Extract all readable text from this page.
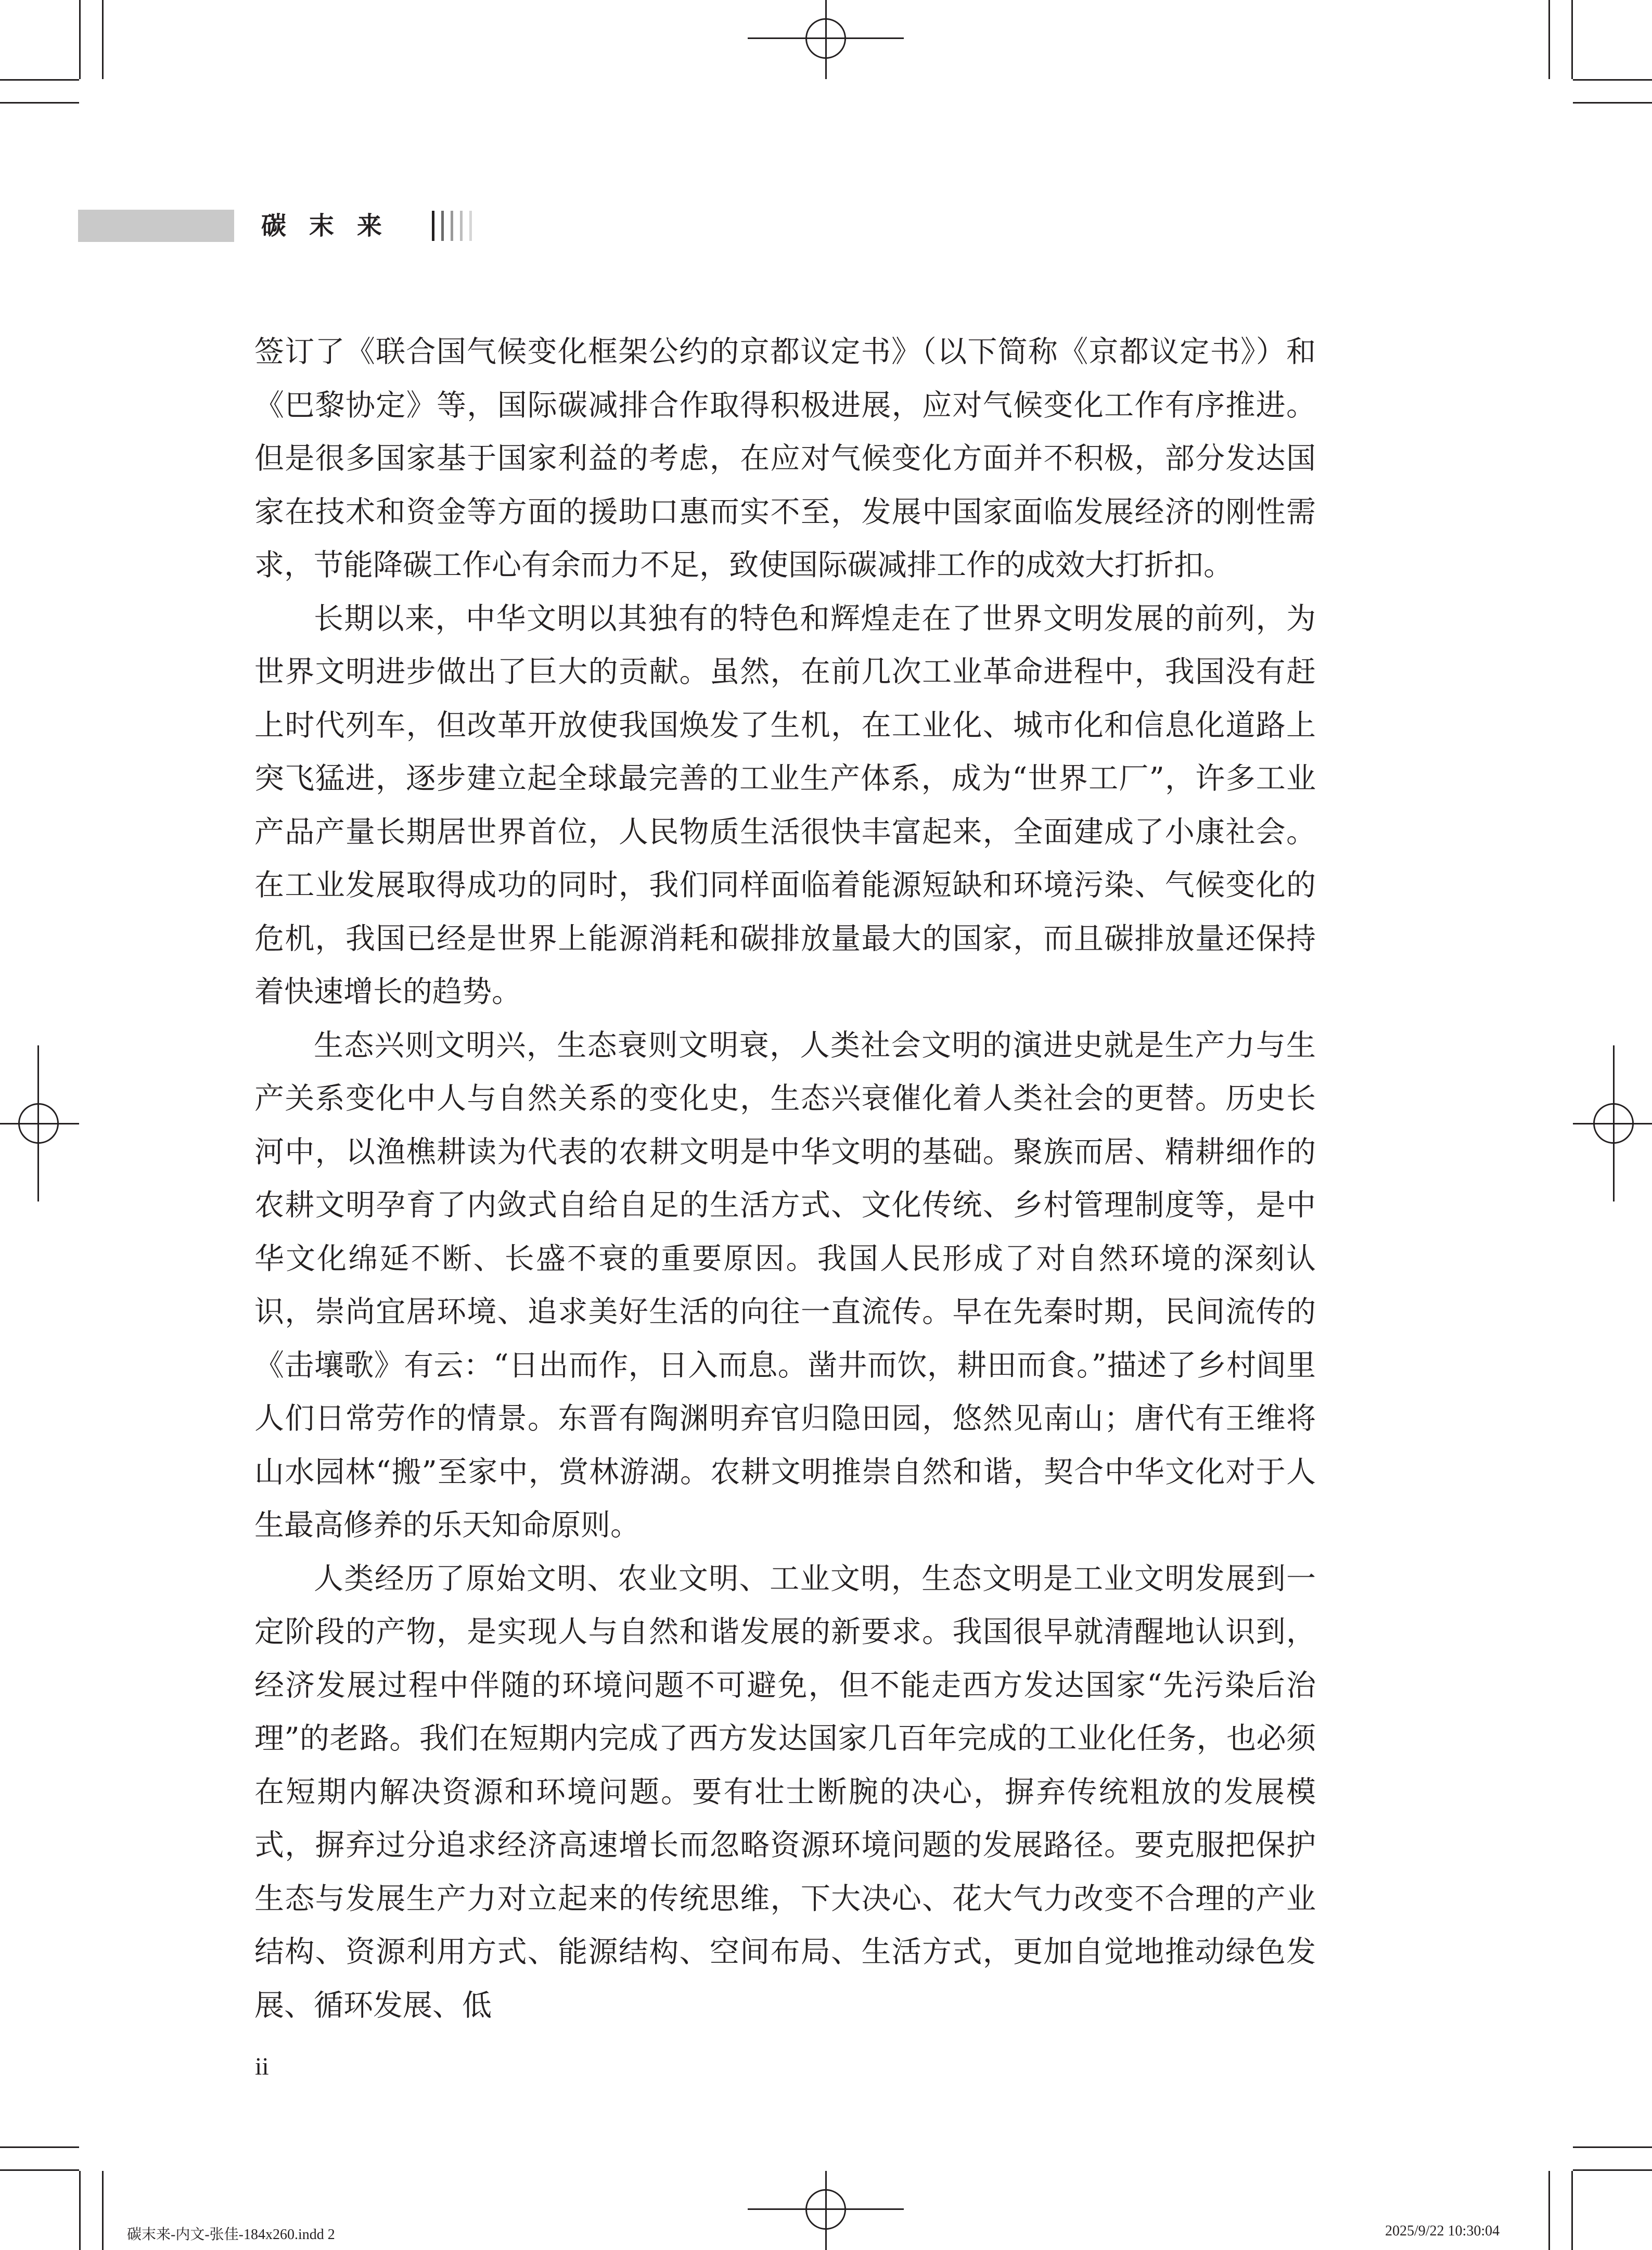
碳末来

签订了《联合国气候变化框架公约的京都议定书》（以下简称《京都议定书》）和《巴黎协定》等，国际碳减排合作取得积极进展，应对气候变化工作有序推进。但是很多国家基于国家利益的考虑，在应对气候变化方面并不积极，部分发达国家在技术和资金等方面的援助口惠而实不至，发展中国家面临发展经济的刚性需求，节能降碳工作心有余而力不足，致使国际碳减排工作的成效大打折扣。

长期以来，中华文明以其独有的特色和辉煌走在了世界文明发展的前列，为世界文明进步做出了巨大的贡献。虽然，在前几次工业革命进程中，我国没有赶上时代列车，但改革开放使我国焕发了生机，在工业化、城市化和信息化道路上突飞猛进，逐步建立起全球最完善的工业生产体系，成为“世界工厂”，许多工业产品产量长期居世界首位，人民物质生活很快丰富起来，全面建成了小康社会。在工业发展取得成功的同时，我们同样面临着能源短缺和环境污染、气候变化的危机，我国已经是世界上能源消耗和碳排放量最大的国家，而且碳排放量还保持着快速增长的趋势。

生态兴则文明兴，生态衰则文明衰，人类社会文明的演进史就是生产力与生产关系变化中人与自然关系的变化史，生态兴衰催化着人类社会的更替。历史长河中，以渔樵耕读为代表的农耕文明是中华文明的基础。聚族而居、精耕细作的农耕文明孕育了内敛式自给自足的生活方式、文化传统、乡村管理制度等，是中华文化绵延不断、长盛不衰的重要原因。我国人民形成了对自然环境的深刻认识，崇尚宜居环境、追求美好生活的向往一直流传。早在先秦时期，民间流传的《击壤歌》有云：“日出而作，日入而息。凿井而饮，耕田而食。”描述了乡村闾里人们日常劳作的情景。东晋有陶渊明弃官归隐田园，悠然见南山；唐代有王维将山水园林“搬”至家中，赏林游湖。农耕文明推崇自然和谐，契合中华文化对于人生最高修养的乐天知命原则。

人类经历了原始文明、农业文明、工业文明，生态文明是工业文明发展到一定阶段的产物，是实现人与自然和谐发展的新要求。我国很早就清醒地认识到，经济发展过程中伴随的环境问题不可避免，但不能走西方发达国家“先污染后治理”的老路。我们在短期内完成了西方发达国家几百年完成的工业化任务，也必须在短期内解决资源和环境问题。要有壮士断腕的决心，摒弃传统粗放的发展模式，摒弃过分追求经济高速增长而忽略资源环境问题的发展路径。要克服把保护生态与发展生产力对立起来的传统思维，下大决心、花大气力改变不合理的产业结构、资源利用方式、能源结构、空间布局、生活方式，更加自觉地推动绿色发展、循环发展、低

ii
碳末来-内文-张佳-184x260.indd 2	2025/9/22 10:30:04
